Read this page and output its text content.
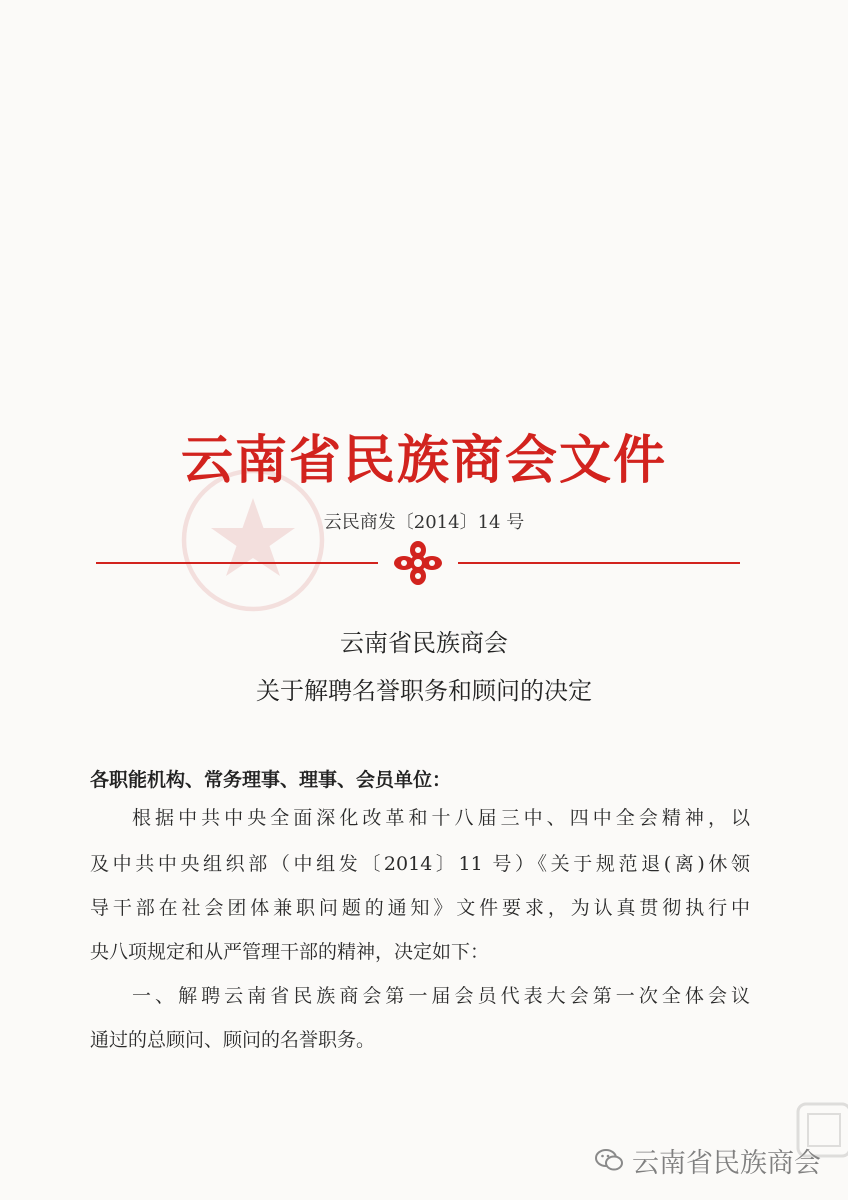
云南省民族商会文件
云民商发〔2014〕14 号
云南省民族商会
关于解聘名誉职务和顾问的决定
各职能机构、常务理事、理事、会员单位：
根据中共中央全面深化改革和十八届三中、四中全会精神，以
及中共中央组织部（中组发〔2014〕11 号）《关于规范退(离)休领
导干部在社会团体兼职问题的通知》文件要求，为认真贯彻执行中
央八项规定和从严管理干部的精神，决定如下：
一、解聘云南省民族商会第一届会员代表大会第一次全体会议
通过的总顾问、顾问的名誉职务。
云南省民族商会
